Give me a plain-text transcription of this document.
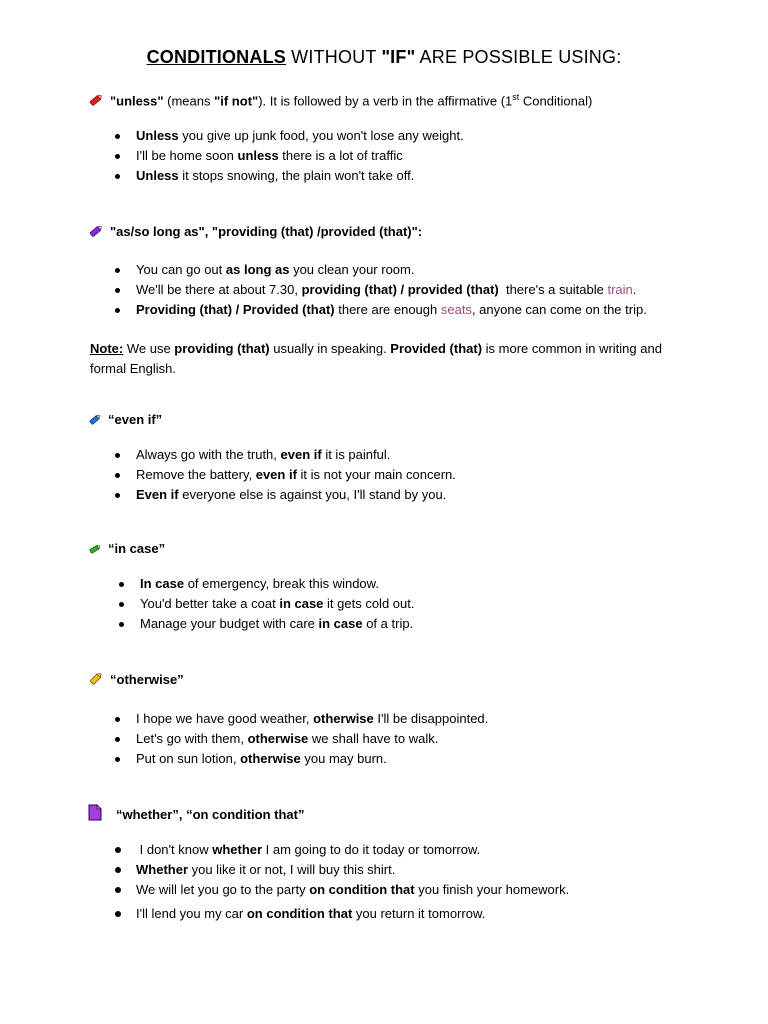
CONDITIONALS WITHOUT "IF" ARE POSSIBLE USING:
"unless" (means "if not"). It is followed by a verb in the affirmative (1st Conditional)
Unless you give up junk food, you won't lose any weight.
I'll be home soon unless there is a lot of traffic
Unless it stops snowing, the plain won't take off.
"as/so long as", "providing (that) /provided (that)":
You can go out as long as you clean your room.
We'll be there at about 7.30, providing (that) / provided (that)  there's a suitable train.
Providing (that) / Provided (that) there are enough seats, anyone can come on the trip.
Note: We use providing (that) usually in speaking. Provided (that) is more common in writing and formal English.
“even if”
Always go with the truth, even if it is painful.
Remove the battery, even if it is not your main concern.
Even if everyone else is against you, I'll stand by you.
“in case”
In case of emergency, break this window.
You'd better take a coat in case it gets cold out.
Manage your budget with care in case of a trip.
“otherwise”
I hope we have good weather, otherwise I'll be disappointed.
Let's go with them, otherwise we shall have to walk.
Put on sun lotion, otherwise you may burn.
“whether”, “on condition that”
I don't know whether I am going to do it today or tomorrow.
Whether you like it or not, I will buy this shirt.
We will let you go to the party on condition that you finish your homework.
I'll lend you my car on condition that you return it tomorrow.
